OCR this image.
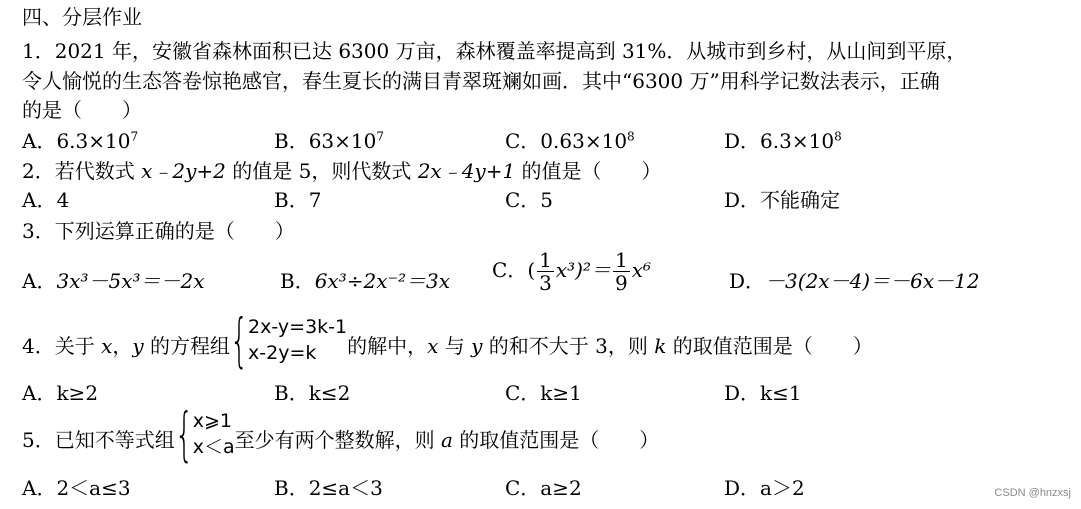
四、分层作业
1．2021 年，安徽省森林面积已达 6300 万亩，森林覆盖率提高到 31%．从城市到乡村，从山间到平原，
令人愉悦的生态答卷惊艳感官，春生夏长的满目青翠斑斓如画．其中“6300 万”用科学记数法表示，正确
的是（　　）
A．$6.3\times 10^7$	B．$63\times 10^7$	C．$0.63\times 10^8$	D．$6.3\times 10^8$
2．若代数式 x﹣2y+2 的值是 5，则代数式 2x﹣4y+1 的值是（　　）
A．4	B．7	C．5	D．不能确定
3．下列运算正确的是（　　）
A．3x³－5x³＝－2x	B．6x³÷2x⁻²＝3x C．( $\frac{1}{3} x^3)^2= \frac{1}{9} x^6$	D．－3(2x－4)＝－6x－12
4．关于 x，y 的方程组 { 2x-y=3k-1
x-2y=k	的解中，x 与 y 的和不大于 3，则 k 的取值范围是（　　）
A．k≥2	B．k≤2	C．k≥1	D．k≤1
5．已知不等式组 { x⩾1
x＜a 至少有两个整数解，则 a 的取值范围是（　　）
A．2＜a≤3	B．2≤a＜3	C．a≥2	D．a＞2	CSDN @hnzxsj
